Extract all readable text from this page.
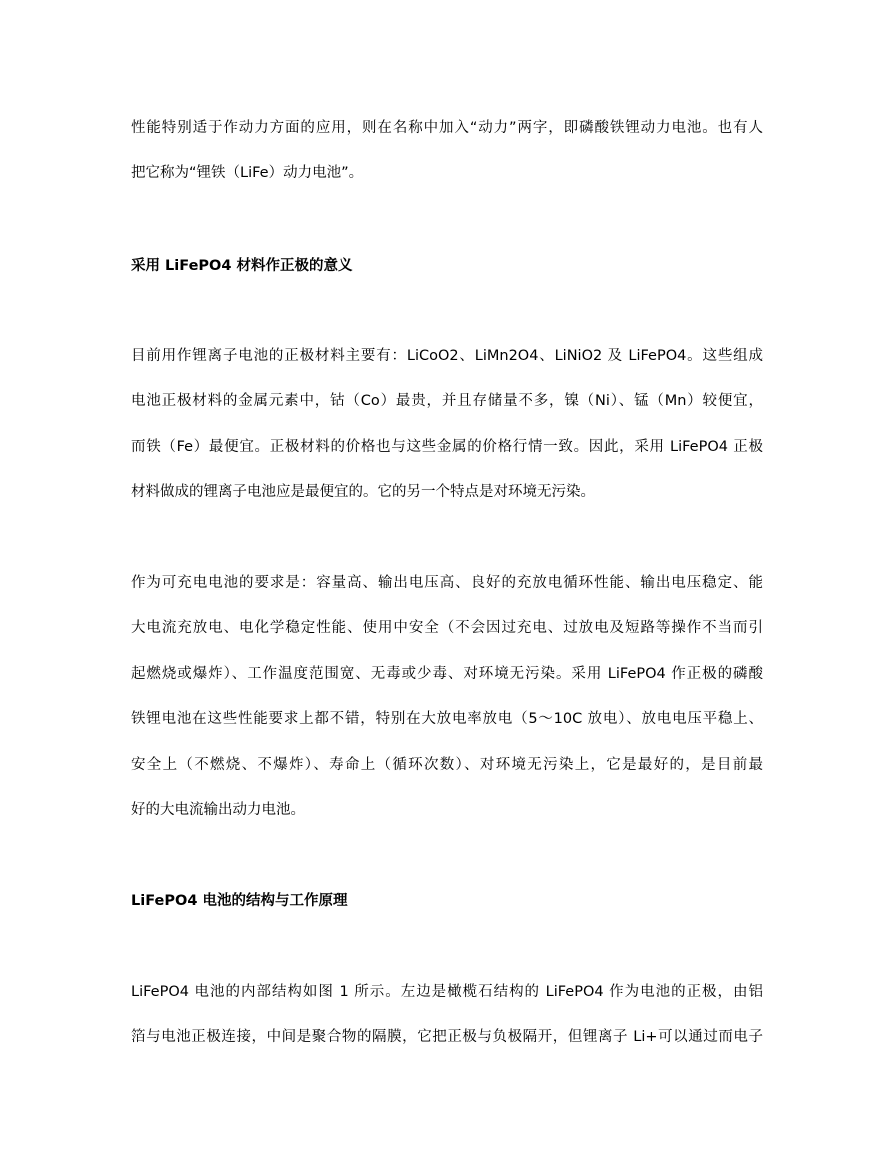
性能特别适于作动力方面的应用，则在名称中加入“动力”两字，即磷酸铁锂动力电池。也有人
把它称为“锂铁（LiFe）动力电池”。
采用 LiFePO4 材料作正极的意义
目前用作锂离子电池的正极材料主要有：LiCoO2、LiMn2O4、LiNiO2 及 LiFePO4。这些组成
电池正极材料的金属元素中，钴（Co）最贵，并且存储量不多，镍（Ni）、锰（Mn）较便宜，
而铁（Fe）最便宜。正极材料的价格也与这些金属的价格行情一致。因此，采用 LiFePO4 正极
材料做成的锂离子电池应是最便宜的。它的另一个特点是对环境无污染。
作为可充电电池的要求是：容量高、输出电压高、良好的充放电循环性能、输出电压稳定、能
大电流充放电、电化学稳定性能、使用中安全（不会因过充电、过放电及短路等操作不当而引
起燃烧或爆炸）、工作温度范围宽、无毒或少毒、对环境无污染。采用 LiFePO4 作正极的磷酸
铁锂电池在这些性能要求上都不错，特别在大放电率放电（5～10C 放电）、放电电压平稳上、
安全上（不燃烧、不爆炸）、寿命上（循环次数）、对环境无污染上，它是最好的，是目前最
好的大电流输出动力电池。
LiFePO4 电池的结构与工作原理
LiFePO4 电池的内部结构如图 1 所示。左边是橄榄石结构的 LiFePO4 作为电池的正极，由铝
箔与电池正极连接，中间是聚合物的隔膜，它把正极与负极隔开，但锂离子 Li+可以通过而电子
